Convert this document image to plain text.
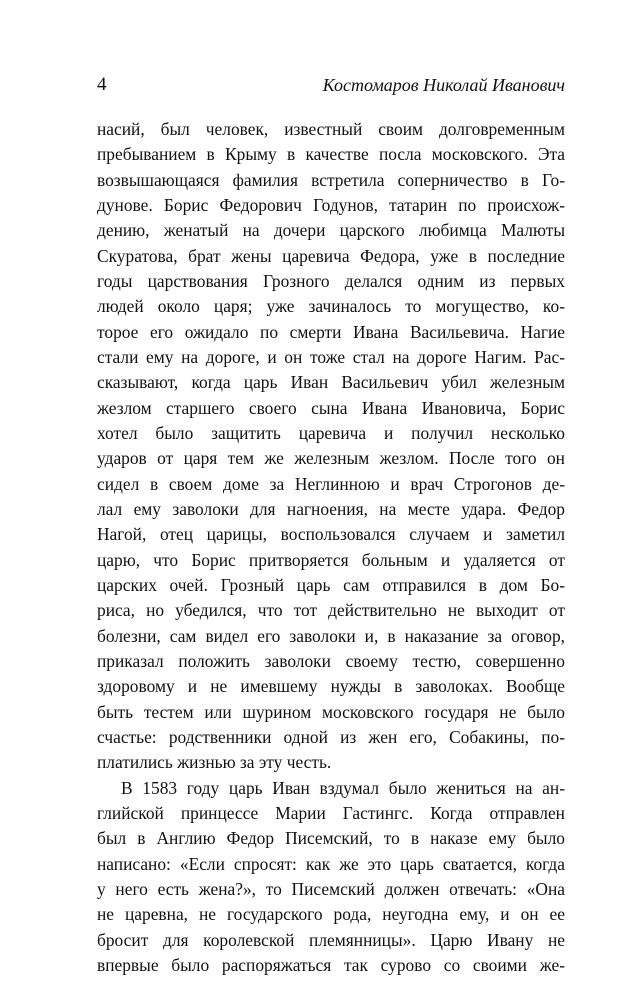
4	Костомаров Николай Иванович
насий, был человек, известный своим долговременным
пребыванием в Крыму в качестве посла московского. Эта
возвышающаяся фамилия встретила соперничество в Го-
дунове. Борис Федорович Годунов, татарин по происхож-
дению, женатый на дочери царского любимца Малюты
Скуратова, брат жены царевича Федора, уже в последние
годы царствования Грозного делался одним из первых
людей около царя; уже зачиналось то могущество, ко-
торое его ожидало по смерти Ивана Васильевича. Нагие
стали ему на дороге, и он тоже стал на дороге Нагим. Рас-
сказывают, когда царь Иван Васильевич убил железным
жезлом старшего своего сына Ивана Ивановича, Борис
хотел было защитить царевича и получил несколько
ударов от царя тем же железным жезлом. После того он
сидел в своем доме за Неглинною и врач Строгонов де-
лал ему заволоки для нагноения, на месте удара. Федор
Нагой, отец царицы, воспользовался случаем и заметил
царю, что Борис притворяется больным и удаляется от
царских очей. Грозный царь сам отправился в дом Бо-
риса, но убедился, что тот действительно не выходит от
болезни, сам видел его заволоки и, в наказание за оговор,
приказал положить заволоки своему тестю, совершенно
здоровому и не имевшему нужды в заволоках. Вообще
быть тестем или шурином московского государя не было
счастье: родственники одной из жен его, Собакины, по-
платились жизнью за эту честь.
В 1583 году царь Иван вздумал было жениться на ан-
глийской принцессе Марии Гастингс. Когда отправлен
был в Англию Федор Писемский, то в наказе ему было
написано: «Если спросят: как же это царь сватается, когда
у него есть жена?», то Писемский должен отвечать: «Она
не царевна, не государского рода, неугодна ему, и он ее
бросит для королевской племянницы». Царю Ивану не
впервые было распоряжаться так сурово со своими же-
